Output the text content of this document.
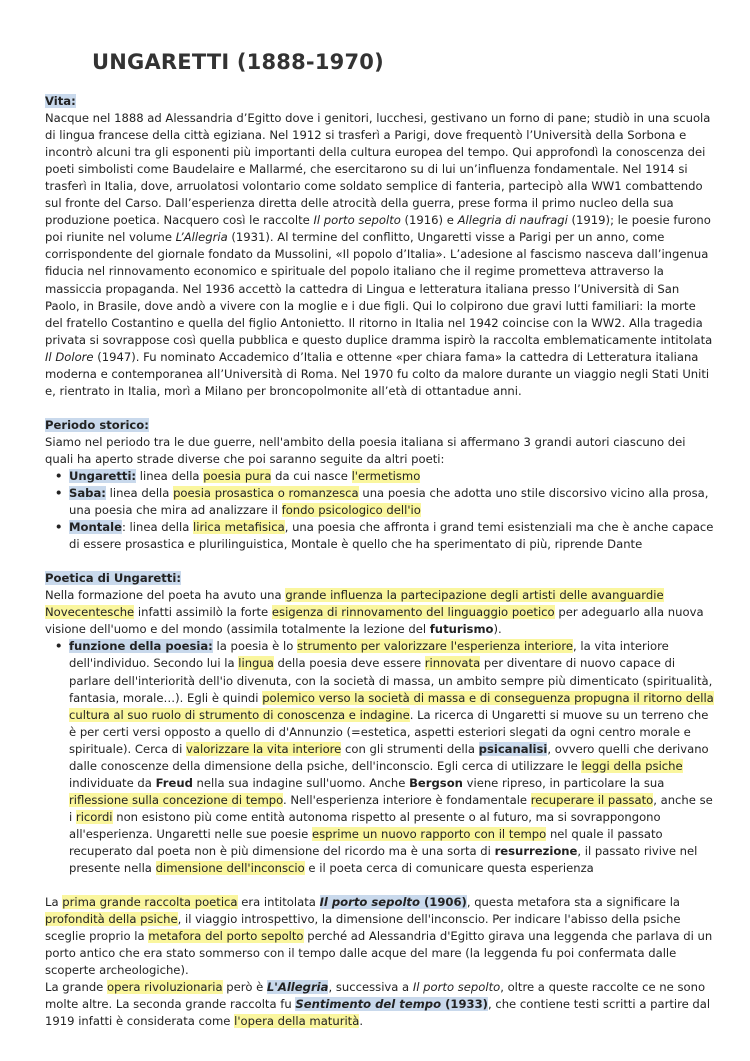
UNGARETTI (1888-1970)

Vita:

Nacque nel 1888 ad Alessandria d’Egitto dove i genitori, lucchesi, gestivano un forno di pane; studiò in una scuola di lingua francese della città egiziana. Nel 1912 si trasferì a Parigi, dove frequentò l’Università della Sorbona e incontrò alcuni tra gli esponenti più importanti della cultura europea del tempo. Qui approfondì la conoscenza dei poeti simbolisti come Baudelaire e Mallarmé, che esercitarono su di lui un’influenza fondamentale. Nel 1914 si trasferì in Italia, dove, arruolatosi volontario come soldato semplice di fanteria, partecipò alla WW1 combattendo sul fronte del Carso. Dall’esperienza diretta delle atrocità della guerra, prese forma il primo nucleo della sua produzione poetica. Nacquero così le raccolte Il porto sepolto (1916) e Allegria di naufragi (1919); le poesie furono poi riunite nel volume L’Allegria (1931). Al termine del conflitto, Ungaretti visse a Parigi per un anno, come corrispondente del giornale fondato da Mussolini, «Il popolo d’Italia». L’adesione al fascismo nasceva dall’ingenua fiducia nel rinnovamento economico e spirituale del popolo italiano che il regime prometteva attraverso la massiccia propaganda. Nel 1936 accettò la cattedra di Lingua e letteratura italiana presso l’Università di San Paolo, in Brasile, dove andò a vivere con la moglie e i due figli. Qui lo colpirono due gravi lutti familiari: la morte del fratello Costantino e quella del figlio Antonietto. Il ritorno in Italia nel 1942 coincise con la WW2. Alla tragedia privata si sovrappose così quella pubblica e questo duplice dramma ispirò la raccolta emblematicamente intitolata Il Dolore (1947). Fu nominato Accademico d’Italia e ottenne «per chiara fama» la cattedra di Letteratura italiana moderna e contemporanea all’Università di Roma. Nel 1970 fu colto da malore durante un viaggio negli Stati Uniti e, rientrato in Italia, morì a Milano per broncopolmonite all’età di ottantadue anni.

Periodo storico:

Siamo nel periodo tra le due guerre, nell'ambito della poesia italiana si affermano 3 grandi autori ciascuno dei quali ha aperto strade diverse che poi saranno seguite da altri poeti:

• Ungaretti: linea della poesia pura da cui nasce l'ermetismo
• Saba: linea della poesia prosastica o romanzesca una poesia che adotta uno stile discorsivo vicino alla prosa, una poesia che mira ad analizzare il fondo psicologico dell'io
• Montale: linea della lirica metafisica, una poesia che affronta i grand temi esistenziali ma che è anche capace di essere prosastica e plurilinguistica, Montale è quello che ha sperimentato di più, riprende Dante

Poetica di Ungaretti:

Nella formazione del poeta ha avuto una grande influenza la partecipazione degli artisti delle avanguardie Novecentesche infatti assimilò la forte esigenza di rinnovamento del linguaggio poetico per adeguarlo alla nuova visione dell'uomo e del mondo (assimila totalmente la lezione del futurismo).

• funzione della poesia: la poesia è lo strumento per valorizzare l'esperienza interiore, la vita interiore dell'individuo. Secondo lui la lingua della poesia deve essere rinnovata per diventare di nuovo capace di parlare dell'interiorità dell'io divenuta, con la società di massa, un ambito sempre più dimenticato (spiritualità, fantasia, morale…). Egli è quindi polemico verso la società di massa e di conseguenza propugna il ritorno della cultura al suo ruolo di strumento di conoscenza e indagine. La ricerca di Ungaretti si muove su un terreno che è per certi versi opposto a quello di d'Annunzio (=estetica, aspetti esteriori slegati da ogni centro morale e spirituale). Cerca di valorizzare la vita interiore con gli strumenti della psicanalisi, ovvero quelli che derivano dalle conoscenze della dimensione della psiche, dell'inconscio. Egli cerca di utilizzare le leggi della psiche individuate da Freud nella sua indagine sull'uomo. Anche Bergson viene ripreso, in particolare la sua riflessione sulla concezione di tempo. Nell'esperienza interiore è fondamentale recuperare il passato, anche se i ricordi non esistono più come entità autonoma rispetto al presente o al futuro, ma si sovrappongono all'esperienza. Ungaretti nelle sue poesie esprime un nuovo rapporto con il tempo nel quale il passato recuperato dal poeta non è più dimensione del ricordo ma è una sorta di resurrezione, il passato rivive nel presente nella dimensione dell'inconscio e il poeta cerca di comunicare questa esperienza

La prima grande raccolta poetica era intitolata Il porto sepolto (1906), questa metafora sta a significare la profondità della psiche, il viaggio introspettivo, la dimensione dell'inconscio. Per indicare l'abisso della psiche sceglie proprio la metafora del porto sepolto perché ad Alessandria d'Egitto girava una leggenda che parlava di un porto antico che era stato sommerso con il tempo dalle acque del mare (la leggenda fu poi confermata dalle scoperte archeologiche).

La grande opera rivoluzionaria però è L'Allegria, successiva a Il porto sepolto, oltre a queste raccolte ce ne sono molte altre. La seconda grande raccolta fu Sentimento del tempo (1933), che contiene testi scritti a partire dal 1919 infatti è considerata come l'opera della maturità.
